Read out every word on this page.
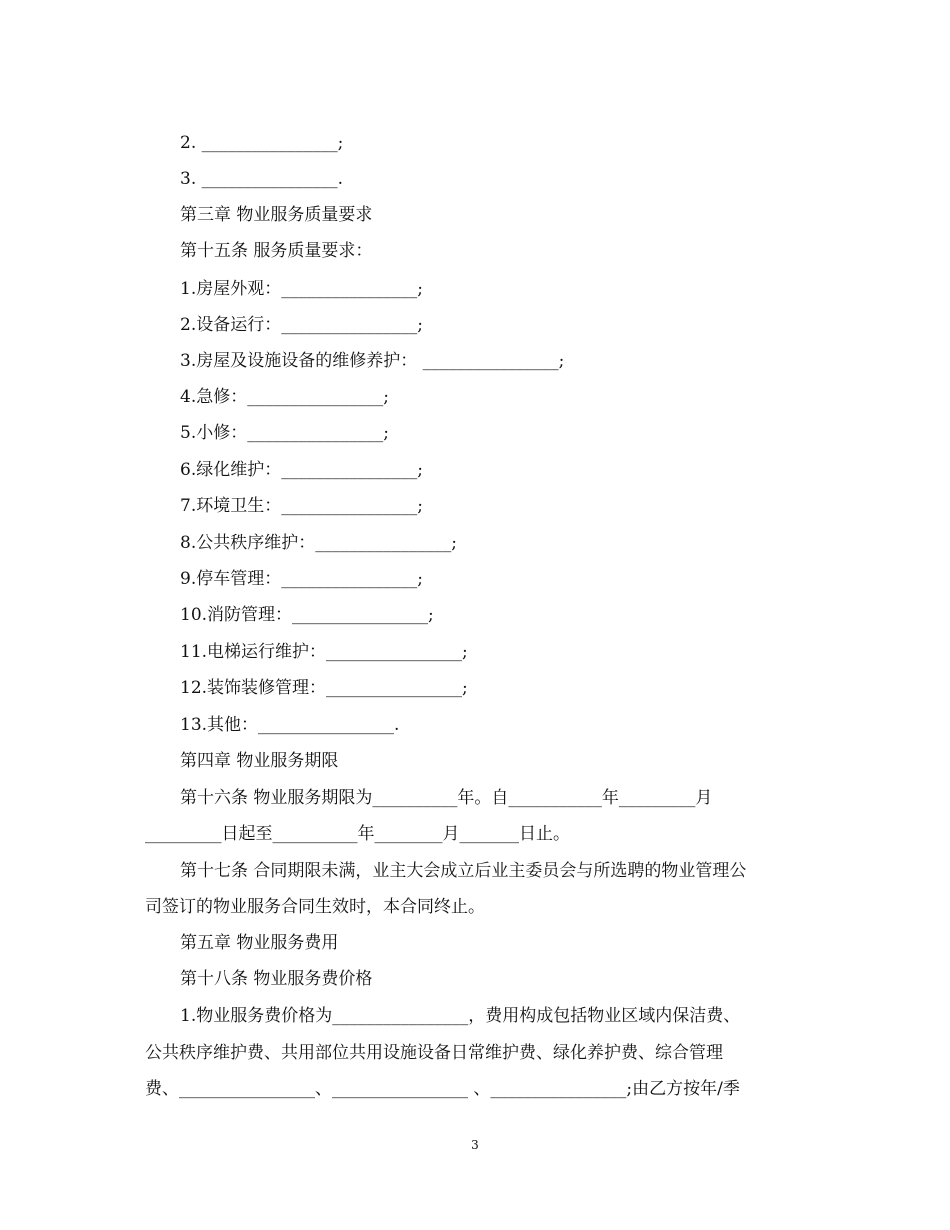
2. ________________;
3. ________________.
第三章 物业服务质量要求
第十五条 服务质量要求：
1.房屋外观：________________;
2.设备运行：________________;
3.房屋及设施设备的维修养护： ________________;
4.急修：________________;
5.小修：________________;
6.绿化维护：________________;
7.环境卫生：________________;
8.公共秩序维护：________________;
9.停车管理：________________;
10.消防管理：________________;
11.电梯运行维护：________________;
12.装饰装修管理：________________;
13.其他：________________.
第四章 物业服务期限
第十六条 物业服务期限为__________年。自___________年_________月
_________日起至__________年________月_______日止。
第十七条 合同期限未满，业主大会成立后业主委员会与所选聘的物业管理公
司签订的物业服务合同生效时，本合同终止。
第五章 物业服务费用
第十八条 物业服务费价格
1.物业服务费价格为________________，费用构成包括物业区域内保洁费、
公共秩序维护费、共用部位共用设施设备日常维护费、绿化养护费、综合管理
费、________________、________________ 、________________;由乙方按年/季
3
